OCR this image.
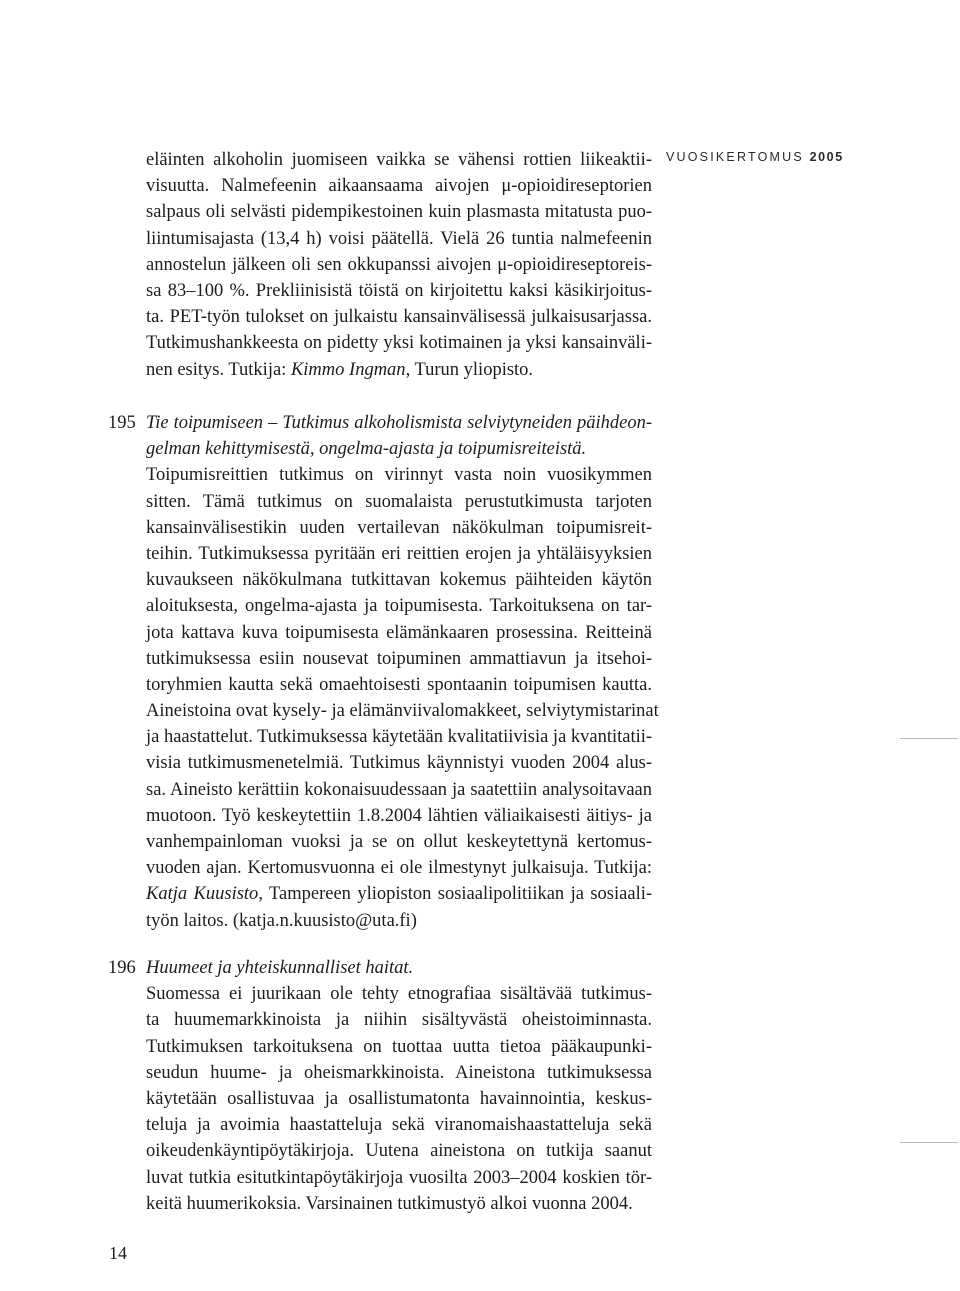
VUOSIKERTOMUS 2005
eläinten alkoholin juomiseen vaikka se vähensi rottien liikeaktii-
visuutta. Nalmefeenin aikaansaama aivojen μ-opioidireseptorien
salpaus oli selvästi pidempikestoinen kuin plasmasta mitatusta puo-
liintumisajasta (13,4 h) voisi päätellä. Vielä 26 tuntia nalmefeenin
annostelun jälkeen oli sen okkupanssi aivojen μ-opioidireseptoreis-
sa 83–100 %. Prekliinisistä töistä on kirjoitettu kaksi käsikirjoitus-
ta. PET-työn tulokset on julkaistu kansainvälisessä julkaisusarjassa.
Tutkimushankkeesta on pidetty yksi kotimainen ja yksi kansainväli-
nen esitys. Tutkija: Kimmo Ingman, Turun yliopisto.
195 Tie toipumiseen – Tutkimus alkoholismista selviytyneiden päihdeon-
gelman kehittymisestä, ongelma-ajasta ja toipumisreiteistä.
Toipumisreittien tutkimus on virinnyt vasta noin vuosikymmen
sitten. Tämä tutkimus on suomalaista perustutkimusta tarjoten
kansainvälisestikin uuden vertailevan näkökulman toipumisreit-
teihin. Tutkimuksessa pyritään eri reittien erojen ja yhtäläisyyksien
kuvaukseen näkökulmana tutkittavan kokemus päihteiden käytön
aloituksesta, ongelma-ajasta ja toipumisesta. Tarkoituksena on tar-
jota kattava kuva toipumisesta elämänkaaren prosessina. Reitteinä
tutkimuksessa esiin nousevat toipuminen ammattiavun ja itsehoi-
toryhmien kautta sekä omaehtoisesti spontaanin toipumisen kautta.
Aineistoina ovat kysely- ja elämänviivalomakkeet, selviytymistarinat
ja haastattelut. Tutkimuksessa käytetään kvalitatiivisia ja kvantitatii-
visia tutkimusmenetelmiä. Tutkimus käynnistyi vuoden 2004 alus-
sa. Aineisto kerättiin kokonaisuudessaan ja saatettiin analysoitavaan
muotoon. Työ keskeytettiin 1.8.2004 lähtien väliaikaisesti äitiys- ja
vanhempainloman vuoksi ja se on ollut keskeytettynä kertomus-
vuoden ajan. Kertomusvuonna ei ole ilmestynyt julkaisuja. Tutkija:
Katja Kuusisto, Tampereen yliopiston sosiaalipolitiikan ja sosiaali-
työn laitos. (katja.n.kuusisto@uta.fi)
196 Huumeet ja yhteiskunnalliset haitat.
Suomessa ei juurikaan ole tehty etnografiaa sisältävää tutkimus-
ta huumemarkkinoista ja niihin sisältyvästä oheistoiminnasta.
Tutkimuksen tarkoituksena on tuottaa uutta tietoa pääkaupunki-
seudun huume- ja oheismarkkinoista. Aineistona tutkimuksessa
käytetään osallistuvaa ja osallistumatonta havainnointia, keskus-
teluja ja avoimia haastatteluja sekä viranomaishaastatteluja sekä
oikeudenkäyntipöytäkirjoja. Uutena aineistona on tutkija saanut
luvat tutkia esitutkintapöytäkirjoja vuosilta 2003–2004 koskien tör-
keitä huumerikoksia. Varsinainen tutkimustyö alkoi vuonna 2004.
14
